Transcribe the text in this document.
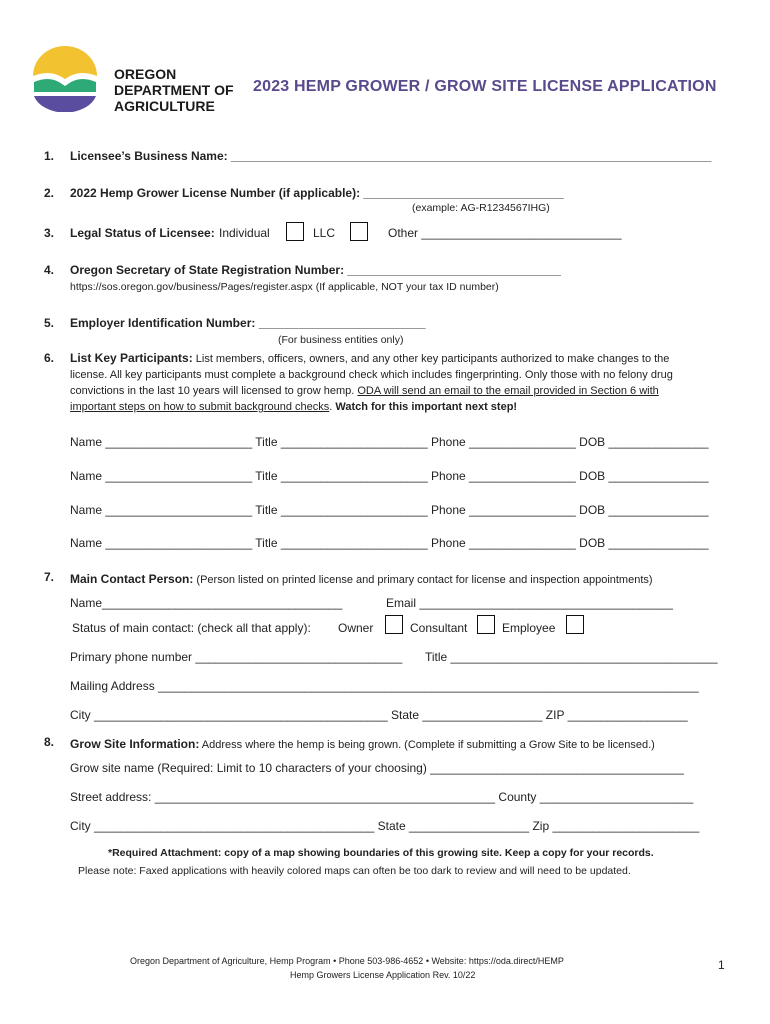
OREGON
DEPARTMENT OF
AGRICULTURE
2023 HEMP GROWER / GROW SITE LICENSE APPLICATION
1. Licensee’s Business Name: ________________________________________________________________________
2. 2022 Hemp Grower License Number (if applicable): ______________________________
(example: AG-R1234567IHG)
3. Legal Status of Licensee: Individual	LLC	Other ______________________________
4. Oregon Secretary of State Registration Number: ________________________________
https://sos.oregon.gov/business/Pages/register.aspx (If applicable, NOT your tax ID number)
5. Employer Identification Number: _________________________
(For business entities only)
6. List Key Participants: List members, officers, owners, and any other key participants authorized to make changes to the license. All key participants must complete a background check which includes fingerprinting. Only those with no felony drug convictions in the last 10 years will licensed to grow hemp. ODA will send an email to the email provided in Section 6 with important steps on how to submit background checks. Watch for this important next step!
Name ______________________ Title ______________________ Phone ________________ DOB _______________
Name ______________________ Title ______________________ Phone ________________ DOB _______________
Name ______________________ Title ______________________ Phone ________________ DOB _______________
Name ______________________ Title ______________________ Phone ________________ DOB _______________
7. Main Contact Person: (Person listed on printed license and primary contact for license and inspection appointments)
Name____________________________________	Email ______________________________________
Status of main contact: (check all that apply): Owner	Consultant	Employee
Primary phone number _______________________________ Title ________________________________________
Mailing Address _________________________________________________________________________________
City ____________________________________________ State __________________ ZIP __________________
8. Grow Site Information: Address where the hemp is being grown. (Complete if submitting a Grow Site to be licensed.)
Grow site name (Required: Limit to 10 characters of your choosing) ______________________________________
Street address: ___________________________________________________ County _______________________
City __________________________________________ State __________________ Zip ______________________
*Required Attachment: copy of a map showing boundaries of this growing site. Keep a copy for your records.
Please note: Faxed applications with heavily colored maps can often be too dark to review and will need to be updated.
Oregon Department of Agriculture, Hemp Program • Phone 503-986-4652 • Website: https://oda.direct/HEMP
Hemp Growers License Application Rev. 10/22
1
